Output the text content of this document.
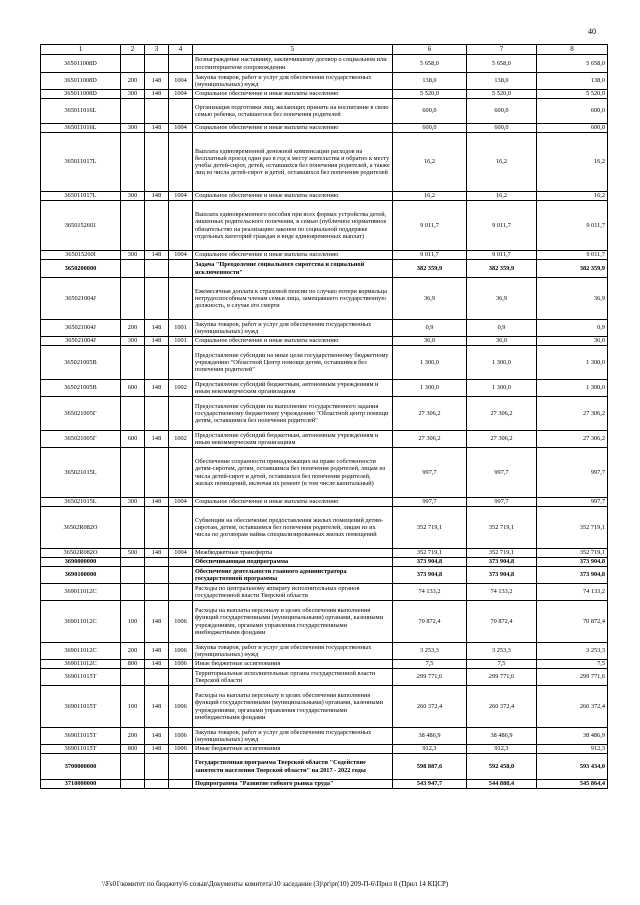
40
1	2	3	4	5	6	7	8
365011008D				Вознаграждение наставнику, заключившему договор о социальном или постинтернатном сопровождении	5 658,0	5 658,0	5 658,0
365011008D	200	148	1004	Закупка товаров, работ и услуг для обеспечения государственных (муниципальных) нужд	138,0	138,0	138,0
365011008D	300	148	1004	Социальное обеспечение и иные выплаты населению	5 520,0	5 520,0	5 520,0
365011016L				Организация подготовки лиц, желающих принять на воспитание в свою семью ребенка, оставшегося без попечения родителей	600,0	600,0	600,0
365011016L	300	148	1004	Социальное обеспечение и иные выплаты населению	600,0	600,0	600,0
365011017L				Выплата единовременной денежной компенсации расходов на бесплатный проезд один раз в год к месту жительства и обратно к месту учебы детей-сирот, детей, оставшихся без попечения родителей, а также лиц из числа детей-сирот и детей, оставшихся без попечения родителей	16,2	16,2	16,2
365011017L	300	148	1004	Социальное обеспечение и иные выплаты населению	16,2	16,2	16,2
3650152601				Выплата единовременного пособия при всех формах устройства детей, лишенных родительского попечения, в семью (публичное нормативное обязательство на реализацию законов по социальной поддержке отдельных категорий граждан в виде единовременных выплат)	9 011,7	9 011,7	9 011,7
365015260I	300	148	1004	Социальное обеспечение и иные выплаты населению	9 011,7	9 011,7	9 011,7
3650200000				Задача "Преодоление социального сиротства и социальной исключенности"	382 359,9	382 359,9	382 359,9
365021004J				Ежемесячная доплата к страховой пенсии по случаю потери кормильца нетрудоспособным членам семьи лица, замещавшего государственную должность, в случае его смерти	36,9	36,9	36,9
365021004J	200	148	1001	Закупка товаров, работ и услуг для обеспечения государственных (муниципальных) нужд	0,9	0,9	0,9
365021004J	300	148	1001	Социальное обеспечение и иные выплаты населению	36,0	36,0	36,0
365021005B				Предоставление субсидии на иные цели государственному бюджетному учреждению "Областной Центр помощи детям, оставшимся без попечения родителей"	1 300,0	1 300,0	1 300,0
365021005B	600	148	1002	Предоставление субсидий бюджетным, автономным учреждениям и иным некоммерческим организациям	1 300,0	1 300,0	1 300,0
365021005Г				Предоставление субсидии на выполнение государственного задания государственному бюджетному учреждению "Областной центр помощи детям, оставшимся без попечения родителей"	27 306,2	27 306,2	27 306,2
365021005Г	600	148	1002	Предоставление субсидий бюджетным, автономным учреждениям и иным некоммерческим организациям	27 306,2	27 306,2	27 306,2
365021015L				Обеспечение сохранности принадлежащих на праве собственности детям-сиротам, детям, оставшимся без попечения родителей, лицам из числа детей-сирот и детей, оставшихся без попечения родителей, жилых помещений, включая их ремонт (в том числе капитальный)	997,7	997,7	997,7
365021015L	300	148	1004	Социальное обеспечение и иные выплаты населению	997,7	997,7	997,7
36502R082O				Субвенции на обеспечение предоставления жилых помещений детям-сиротам, детям, оставшимся без попечения родителей, лицам из их числа по договорам найма специализированных жилых помещений	352 719,1	352 719,1	352 719,1
36502R082O	500	148	1004	Межбюджетные трансферты	352 719,1	352 719,1	352 719,1
3690000000				Обеспечивающая подпрограмма	373 904,8	373 904,8	373 904,8
3690100000				Обеспечение деятельности главного администратора государственной программы	373 904,8	373 904,8	373 904,8
369011012C				Расходы по центральному аппарату исполнительных органов государственной власти Тверской области	74 133,2	74 133,2	74 133,2
369011012C	100	148	1006	Расходы на выплаты персоналу в целях обеспечения выполнения функций государственными (муниципальными) органами, казенными учреждениями, органами управления государственными внебюджетными фондами	70 872,4	70 872,4	70 872,4
369011012C	200	148	1006	Закупка товаров, работ и услуг для обеспечения государственных (муниципальных) нужд	3 253,3	3 253,3	3 253,3
369011012C	800	148	1006	Иные бюджетные ассигнования	7,5	7,5	7,5
369011015T				Территориальные исполнительные органы государственной власти Тверской области	299 771,6	299 771,6	299 771,6
369011015T	100	148	1006	Расходы на выплаты персоналу в целях обеспечения выполнения функций государственными (муниципальными) органами, казенными учреждениями, органами управления государственными внебюджетными фондами	260 372,4	260 372,4	260 372,4
369011015T	200	148	1006	Закупка товаров, работ и услуг для обеспечения государственных (муниципальных) нужд	38 486,9	38 486,9	38 486,9
369011015T	800	148	1006	Иные бюджетные ассигнования	912,3	912,3	912,3
3700000000				Государственная программа Тверской области "Содействие занятости населения Тверской области" на 2017 - 2022 годы	598 887,6	592 458,0	593 434,0
3710000000				Подпрограмма "Развитие гибкого рынка труда"	543 947,7	544 888,4	545 864,4
\\Fs01\комитет по бюджету\6 созыв\Документы комитета\10 заседание (3)\pr\pr(10) 209-П-6\Прил 8 (Прил 14 КЦСР)
